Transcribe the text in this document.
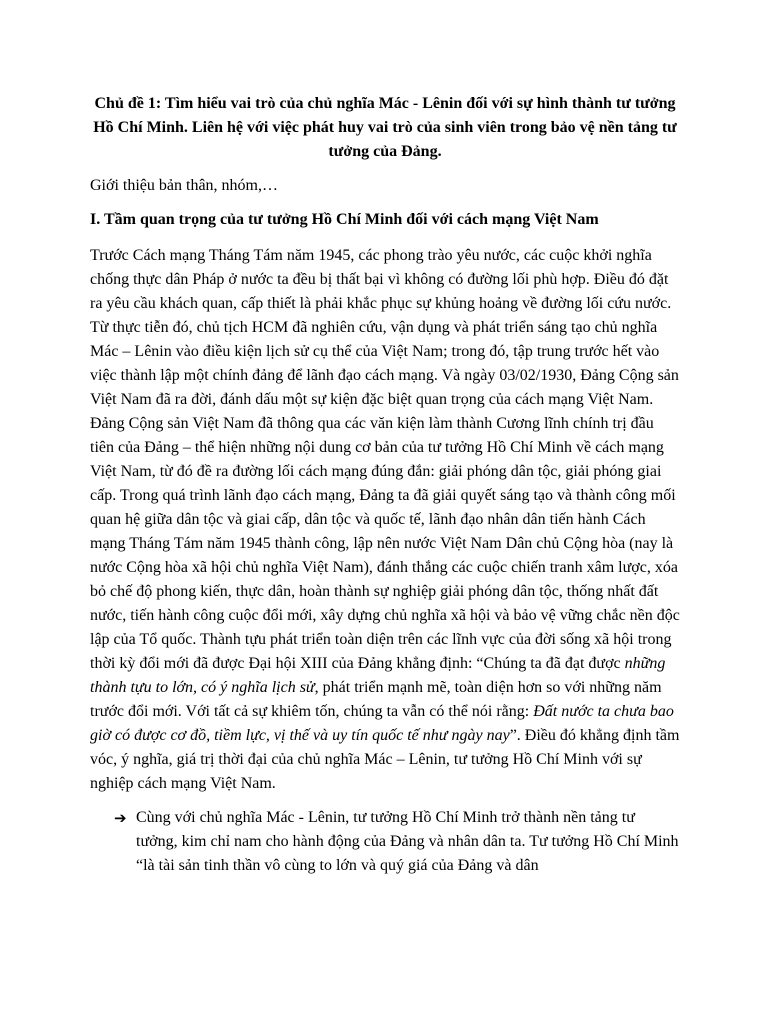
Chủ đề 1: Tìm hiểu vai trò của chủ nghĩa Mác - Lênin đối với sự hình thành tư tưởng Hồ Chí Minh. Liên hệ với việc phát huy vai trò của sinh viên trong bảo vệ nền tảng tư tưởng của Đảng.
Giới thiệu bản thân, nhóm,…
I. Tầm quan trọng của tư tưởng Hồ Chí Minh đối với cách mạng Việt Nam
Trước Cách mạng Tháng Tám năm 1945, các phong trào yêu nước, các cuộc khởi nghĩa chống thực dân Pháp ở nước ta đều bị thất bại vì không có đường lối phù hợp. Điều đó đặt ra yêu cầu khách quan, cấp thiết là phải khắc phục sự khủng hoảng về đường lối cứu nước. Từ thực tiễn đó, chủ tịch HCM đã nghiên cứu, vận dụng và phát triển sáng tạo chủ nghĩa Mác – Lênin vào điều kiện lịch sử cụ thể của Việt Nam; trong đó, tập trung trước hết vào việc thành lập một chính đảng để lãnh đạo cách mạng. Và ngày 03/02/1930, Đảng Cộng sản Việt Nam đã ra đời, đánh dấu một sự kiện đặc biệt quan trọng của cách mạng Việt Nam. Đảng Cộng sản Việt Nam đã thông qua các văn kiện làm thành Cương lĩnh chính trị đầu tiên của Đảng – thể hiện những nội dung cơ bản của tư tưởng Hồ Chí Minh về cách mạng Việt Nam, từ đó đề ra đường lối cách mạng đúng đắn: giải phóng dân tộc, giải phóng giai cấp. Trong quá trình lãnh đạo cách mạng, Đảng ta đã giải quyết sáng tạo và thành công mối quan hệ giữa dân tộc và giai cấp, dân tộc và quốc tế, lãnh đạo nhân dân tiến hành Cách mạng Tháng Tám năm 1945 thành công, lập nên nước Việt Nam Dân chủ Cộng hòa (nay là nước Cộng hòa xã hội chủ nghĩa Việt Nam), đánh thắng các cuộc chiến tranh xâm lược, xóa bỏ chế độ phong kiến, thực dân, hoàn thành sự nghiệp giải phóng dân tộc, thống nhất đất nước, tiến hành công cuộc đổi mới, xây dựng chủ nghĩa xã hội và bảo vệ vững chắc nền độc lập của Tổ quốc. Thành tựu phát triển toàn diện trên các lĩnh vực của đời sống xã hội trong thời kỳ đổi mới đã được Đại hội XIII của Đảng khẳng định: “Chúng ta đã đạt được những thành tựu to lớn, có ý nghĩa lịch sử, phát triển mạnh mẽ, toàn diện hơn so với những năm trước đổi mới. Với tất cả sự khiêm tốn, chúng ta vẫn có thể nói rằng: Đất nước ta chưa bao giờ có được cơ đồ, tiềm lực, vị thế và uy tín quốc tế như ngày nay”. Điều đó khẳng định tầm vóc, ý nghĩa, giá trị thời đại của chủ nghĩa Mác – Lênin, tư tưởng Hồ Chí Minh với sự nghiệp cách mạng Việt Nam.
➔ Cùng với chủ nghĩa Mác - Lênin, tư tưởng Hồ Chí Minh trở thành nền tảng tư tưởng, kim chỉ nam cho hành động của Đảng và nhân dân ta. Tư tưởng Hồ Chí Minh “là tài sản tinh thần vô cùng to lớn và quý giá của Đảng và dân
